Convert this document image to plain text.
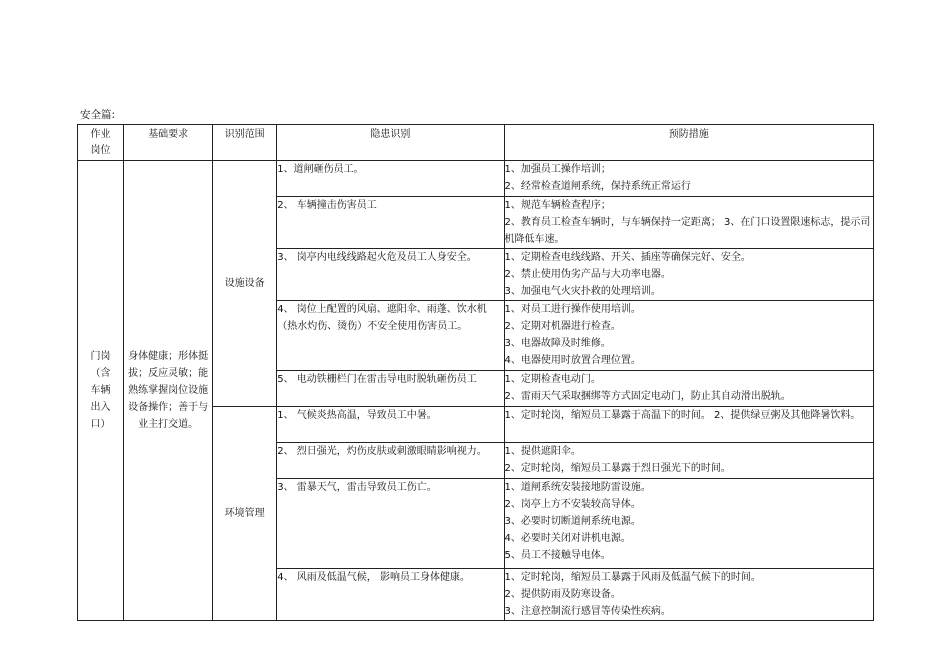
安全篇:
作业
岗位	基础要求	识别范围	隐患识别	预防措施
门岗
（含
车辆
出入
口）	身体健康；形体挺拔；反应灵敏；能熟练掌握岗位设施设备操作；善于与业主打交道。	设施设备	1、道闸砸伤员工。	1、加强员工操作培训；
2、经常检查道闸系统，保持系统正常运行

			2、 车辆撞击伤害员工	1、规范车辆检查程序；
2、教育员工检查车辆时，与车辆保持一定距离； 3、在门口设置限速标志，提示司机降低车速。

			3、 岗亭内电线线路起火危及员工人身安全。	1、定期检查电线线路、开关、插座等确保完好、安全。
2、禁止使用伪劣产品与大功率电器。
3、加强电气火灾扑救的处理培训。

			4、 岗位上配置的风扇、遮阳伞、雨蓬、饮水机（热水灼伤、烫伤）不安全使用伤害员工。	1、对员工进行操作使用培训。
2、定期对机器进行检查。
3、电器故障及时维修。
4、电器使用时放置合理位置。

			5、 电动铁栅栏门在雷击导电时脱轨砸伤员工	1、定期检查电动门。
2、雷雨天气采取捆绑等方式固定电动门，防止其自动滑出脱轨。

		环境管理	1、 气候炎热高温，导致员工中暑。	1、定时轮岗，缩短员工暴露于高温下的时间。 2、提供绿豆粥及其他降暑饮料。

			2、 烈日强光，灼伤皮肤或刺激眼睛影响视力。	1、提供遮阳伞。
2、定时轮岗，缩短员工暴露于烈日强光下的时间。

			3、 雷暴天气，雷击导致员工伤亡。	1、道闸系统安装接地防雷设施。
2、岗亭上方不安装较高导体。
3、必要时切断道闸系统电源。
4、必要时关闭对讲机电源。
5、员工不接触导电体。

			4、 风雨及低温气候， 影响员工身体健康。	1、定时轮岗，缩短员工暴露于风雨及低温气候下的时间。
2、提供防雨及防寒设备。
3、注意控制流行感冒等传染性疾病。
